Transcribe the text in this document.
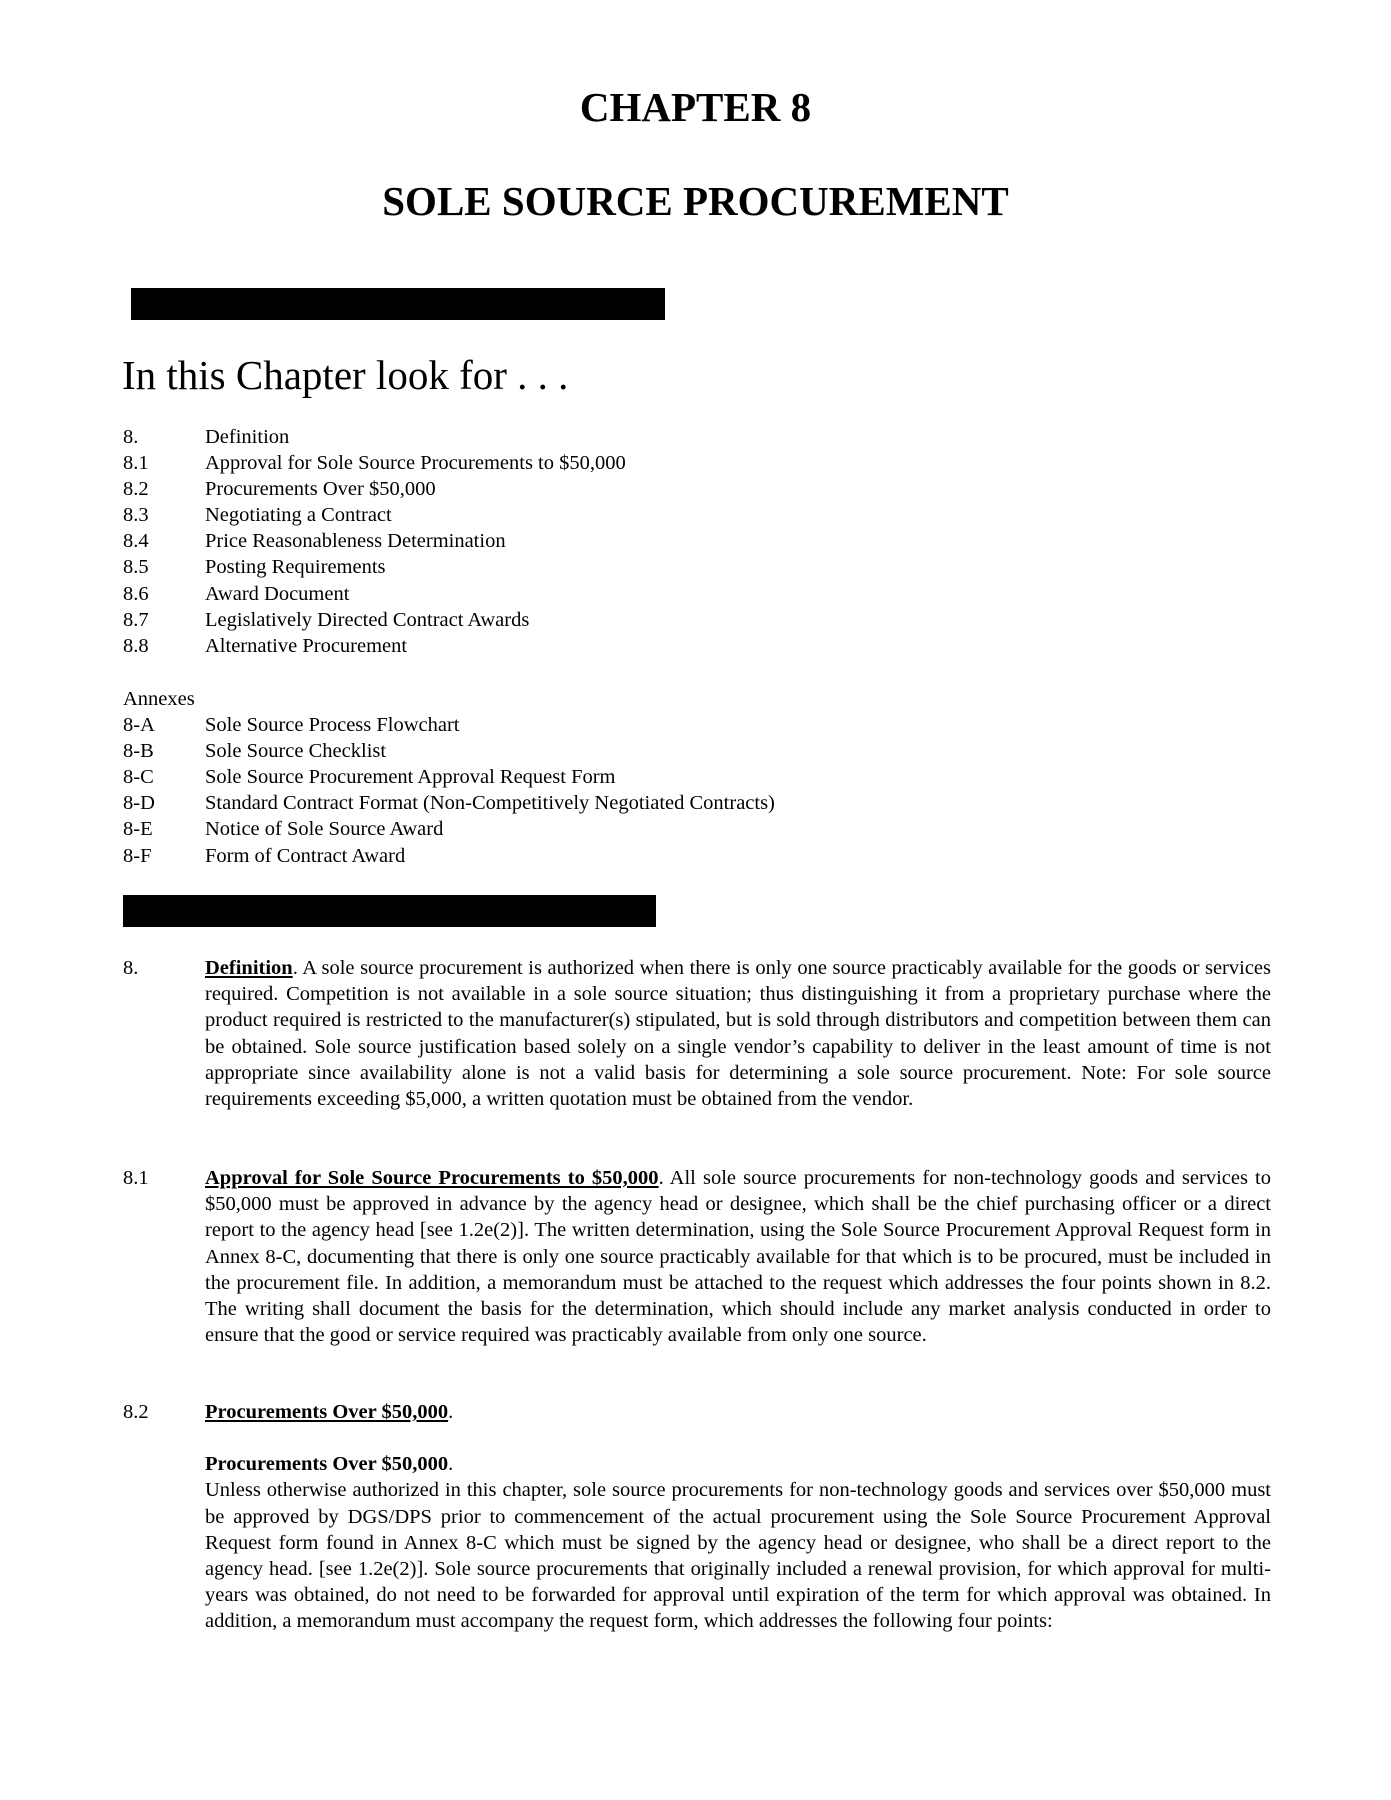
CHAPTER 8
SOLE SOURCE PROCUREMENT
In this Chapter look for . . .
8.	Definition
8.1	Approval for Sole Source Procurements to $50,000
8.2	Procurements Over $50,000
8.3	Negotiating a Contract
8.4	Price Reasonableness Determination
8.5	Posting Requirements
8.6	Award Document
8.7	Legislatively Directed Contract Awards
8.8	Alternative Procurement
Annexes
8-A	Sole Source Process Flowchart
8-B	Sole Source Checklist
8-C	Sole Source Procurement Approval Request Form
8-D	Standard Contract Format (Non-Competitively Negotiated Contracts)
8-E	Notice of Sole Source Award
8-F	Form of Contract Award
8.	Definition. A sole source procurement is authorized when there is only one source practicably available for the goods or services required. Competition is not available in a sole source situation; thus distinguishing it from a proprietary purchase where the product required is restricted to the manufacturer(s) stipulated, but is sold through distributors and competition between them can be obtained. Sole source justification based solely on a single vendor’s capability to deliver in the least amount of time is not appropriate since availability alone is not a valid basis for determining a sole source procurement. Note: For sole source requirements exceeding $5,000, a written quotation must be obtained from the vendor.
8.1	Approval for Sole Source Procurements to $50,000. All sole source procurements for non-technology goods and services to $50,000 must be approved in advance by the agency head or designee, which shall be the chief purchasing officer or a direct report to the agency head [see 1.2e(2)]. The written determination, using the Sole Source Procurement Approval Request form in Annex 8-C, documenting that there is only one source practicably available for that which is to be procured, must be included in the procurement file. In addition, a memorandum must be attached to the request which addresses the four points shown in 8.2. The writing shall document the basis for the determination, which should include any market analysis conducted in order to ensure that the good or service required was practicably available from only one source.
8.2	Procurements Over $50,000.
Procurements Over $50,000.
Unless otherwise authorized in this chapter, sole source procurements for non-technology goods and services over $50,000 must be approved by DGS/DPS prior to commencement of the actual procurement using the Sole Source Procurement Approval Request form found in Annex 8-C which must be signed by the agency head or designee, who shall be a direct report to the agency head. [see 1.2e(2)]. Sole source procurements that originally included a renewal provision, for which approval for multi- years was obtained, do not need to be forwarded for approval until expiration of the term for which approval was obtained. In addition, a memorandum must accompany the request form, which addresses the following four points:
